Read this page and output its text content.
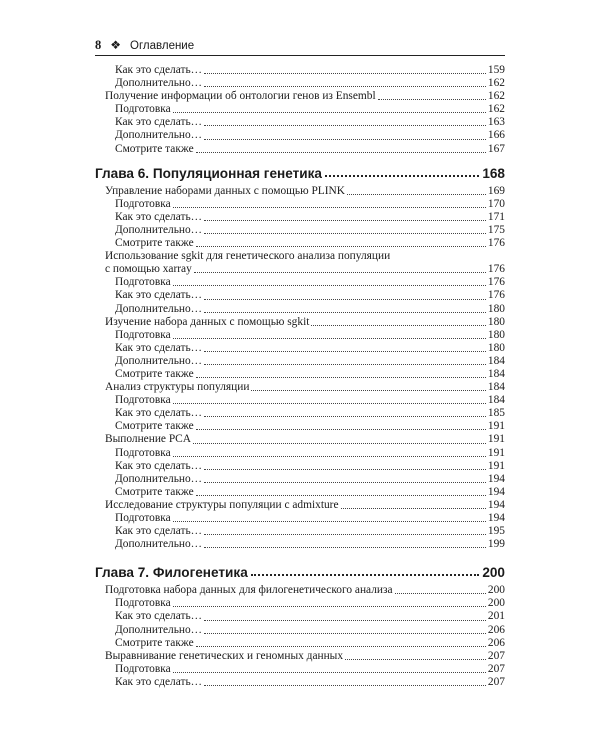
8 ❖ Оглавление
Как это сделать…	159
Дополнительно…	162
Получение информации об онтологии генов из Ensembl	162
Подготовка	162
Как это сделать…	163
Дополнительно…	166
Смотрите также	167
Глава 6. Популяционная генетика	168
Управление наборами данных с помощью PLINK	169
Подготовка	170
Как это сделать…	171
Дополнительно…	175
Смотрите также	176
Использование sgkit для генетического анализа популяции
с помощью xarray	176
Подготовка	176
Как это сделать…	176
Дополнительно…	180
Изучение набора данных с помощью sgkit	180
Подготовка	180
Как это сделать…	180
Дополнительно…	184
Смотрите также	184
Анализ структуры популяции	184
Подготовка	184
Как это сделать…	185
Смотрите также	191
Выполнение PCA	191
Подготовка	191
Как это сделать…	191
Дополнительно…	194
Смотрите также	194
Исследование структуры популяции с admixture	194
Подготовка	194
Как это сделать…	195
Дополнительно…	199
Глава 7. Филогенетика	200
Подготовка набора данных для филогенетического анализа	200
Подготовка	200
Как это сделать…	201
Дополнительно…	206
Смотрите также	206
Выравнивание генетических и геномных данных	207
Подготовка	207
Как это сделать…	207
